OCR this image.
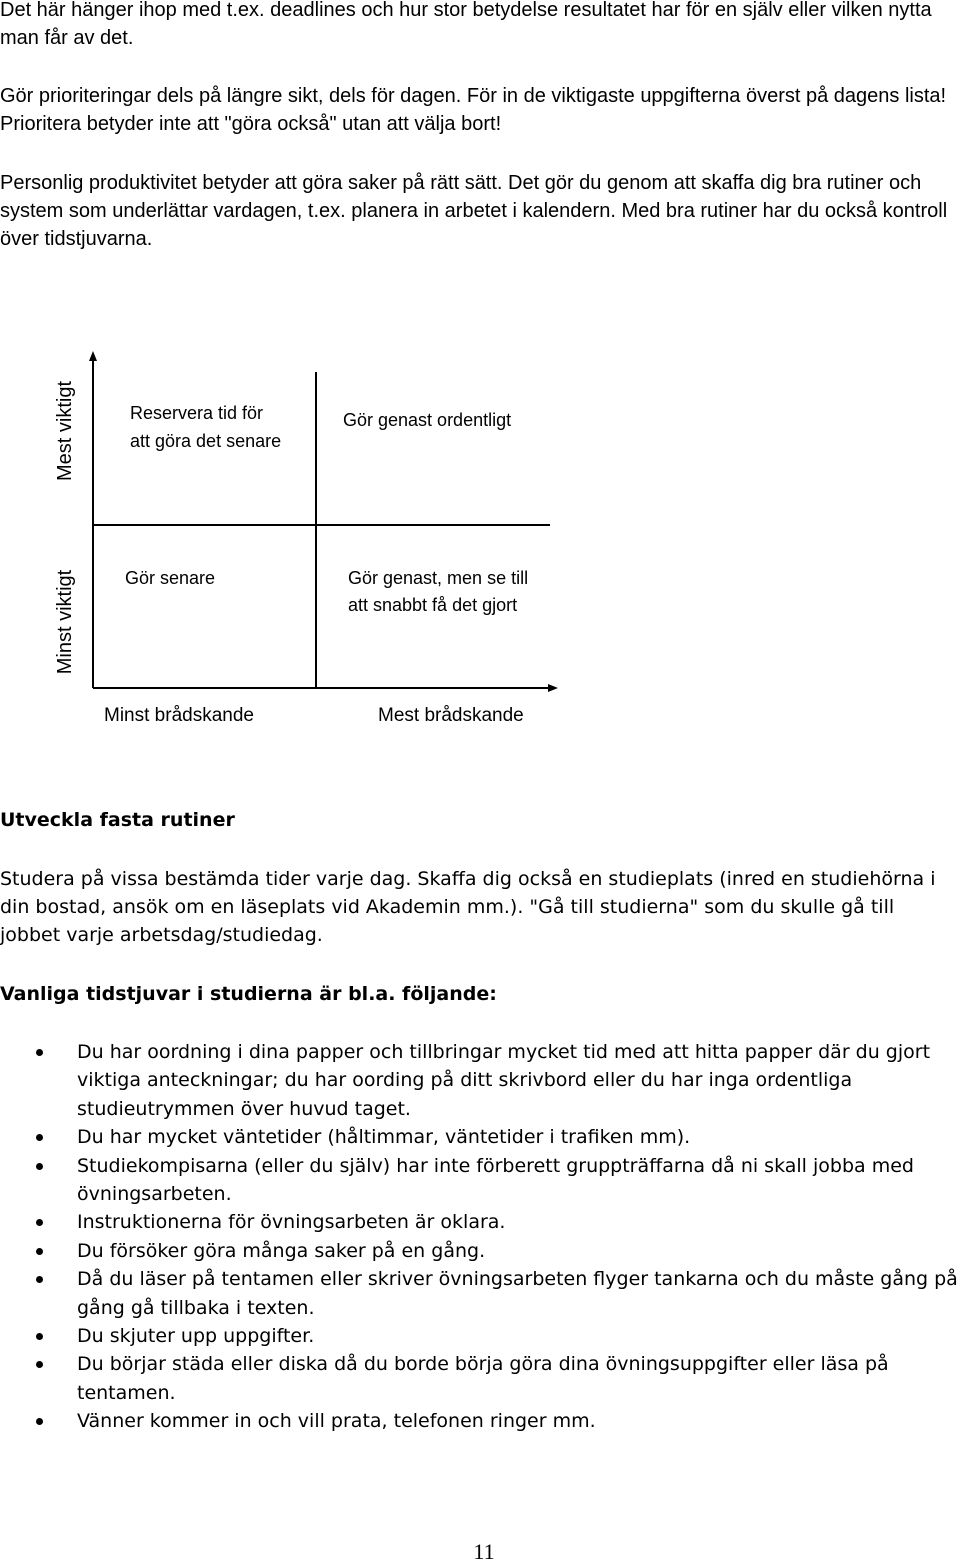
Det här hänger ihop med t.ex. deadlines och hur stor betydelse resultatet har för en själv eller vilken nytta man får av det.

Gör prioriteringar dels på längre sikt, dels för dagen. För in de viktigaste uppgifterna överst på dagens lista! Prioritera betyder inte att "göra också" utan att välja bort!

Personlig produktivitet betyder att göra saker på rätt sätt. Det gör du genom att skaffa dig bra rutiner och system som underlättar vardagen, t.ex. planera in arbetet i kalendern. Med bra rutiner har du också kontroll över tidstjuvarna.

Mest viktigt
Minst viktigt
Reservera tid för
att göra det senare
Gör genast ordentligt
Gör senare	Gör genast, men se till
att snabbt få det gjort
Minst brådskande	Mest brådskande

Utveckla fasta rutiner

Studera på vissa bestämda tider varje dag. Skaffa dig också en studieplats (inred en studiehörna i din bostad, ansök om en läseplats vid Akademin mm.). "Gå till studierna" som du skulle gå till jobbet varje arbetsdag/studiedag.

Vanliga tidstjuvar i studierna är bl.a. följande:

Du har oordning i dina papper och tillbringar mycket tid med att hitta papper där du gjort viktiga anteckningar; du har oording på ditt skrivbord eller du har inga ordentliga studieutrymmen över huvud taget.
Du har mycket väntetider (håltimmar, väntetider i trafiken mm).
Studiekompisarna (eller du själv) har inte förberett gruppträffarna då ni skall jobba med övningsarbeten.
Instruktionerna för övningsarbeten är oklara.
Du försöker göra många saker på en gång.
Då du läser på tentamen eller skriver övningsarbeten flyger tankarna och du måste gång på gång gå tillbaka i texten.
Du skjuter upp uppgifter.
Du börjar städa eller diska då du borde börja göra dina övningsuppgifter eller läsa på tentamen.
Vänner kommer in och vill prata, telefonen ringer mm.
11
